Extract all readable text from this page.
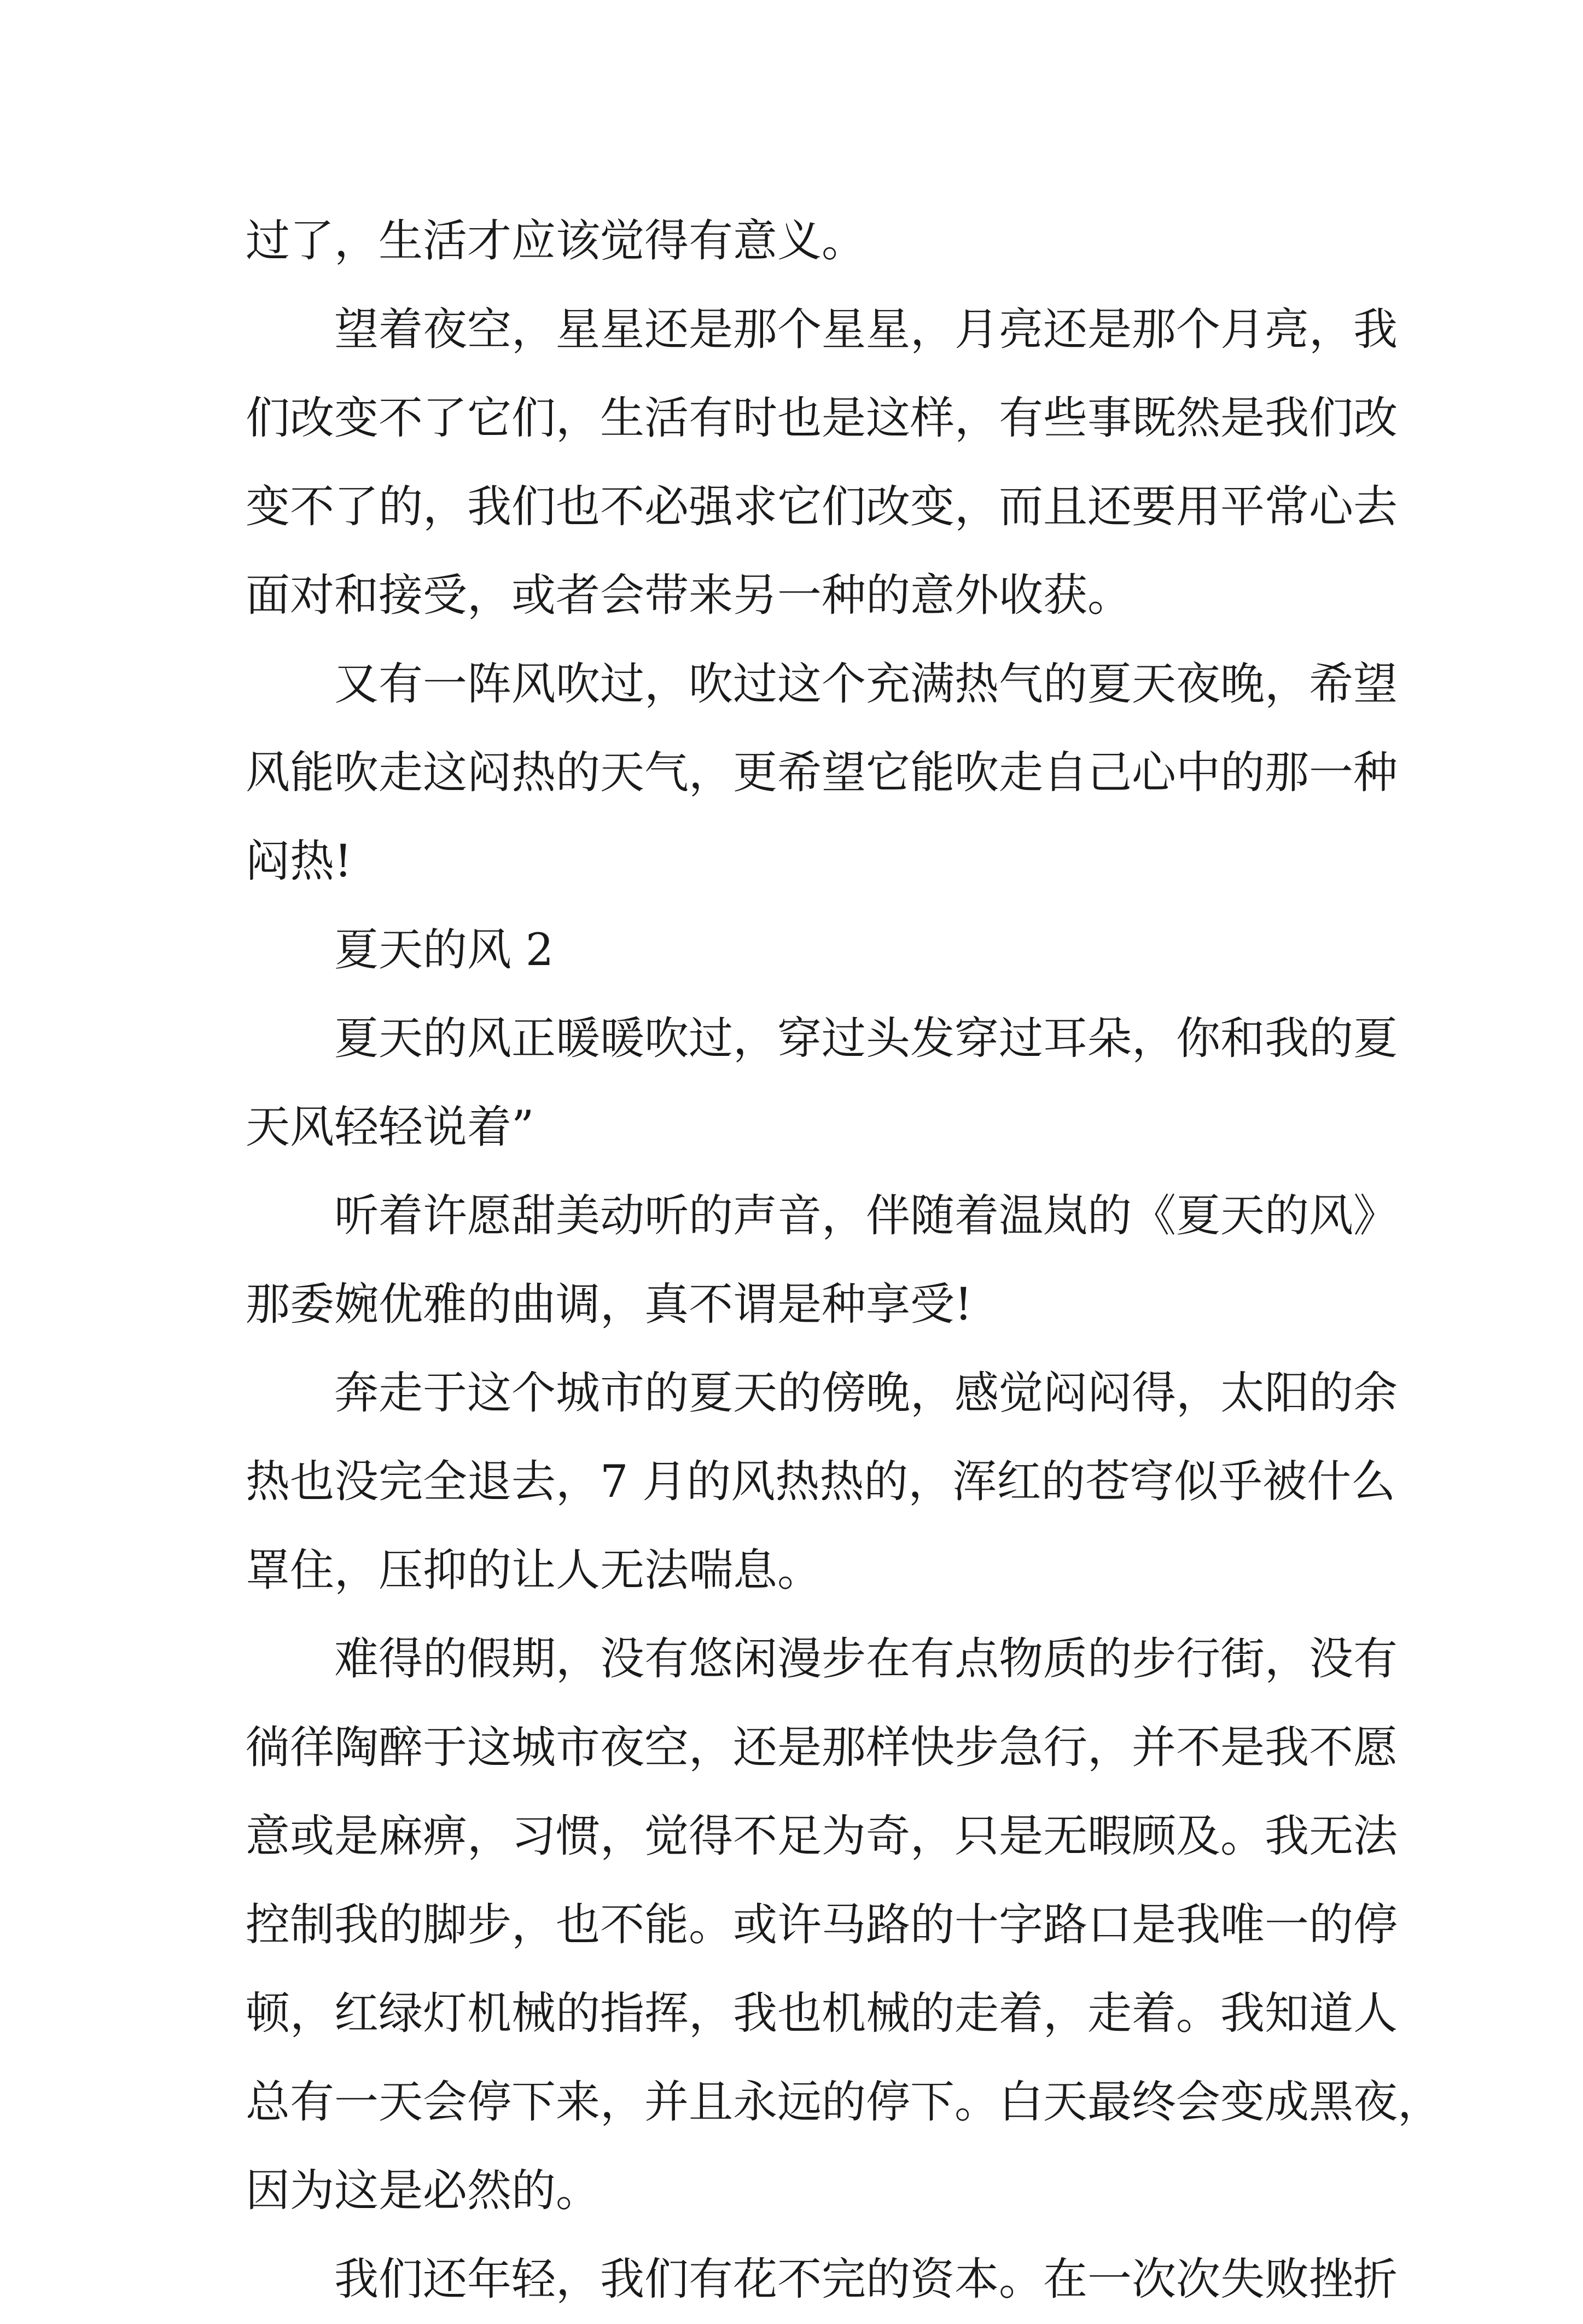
过了，生活才应该觉得有意义。
望着夜空，星星还是那个星星，月亮还是那个月亮，我
们改变不了它们，生活有时也是这样，有些事既然是我们改
变不了的，我们也不必强求它们改变，而且还要用平常心去
面对和接受，或者会带来另一种的意外收获。
又有一阵风吹过，吹过这个充满热气的夏天夜晚，希望
风能吹走这闷热的天气，更希望它能吹走自己心中的那一种
闷热!
夏天的风 2
夏天的风正暖暖吹过，穿过头发穿过耳朵，你和我的夏
天风轻轻说着”
听着许愿甜美动听的声音，伴随着温岚的《夏天的风》
那委婉优雅的曲调，真不谓是种享受!
奔走于这个城市的夏天的傍晚，感觉闷闷得，太阳的余
热也没完全退去，7 月的风热热的，浑红的苍穹似乎被什么
罩住，压抑的让人无法喘息。
难得的假期，没有悠闲漫步在有点物质的步行街，没有
徜徉陶醉于这城市夜空，还是那样快步急行，并不是我不愿
意或是麻痹，习惯，觉得不足为奇，只是无暇顾及。我无法
控制我的脚步，也不能。或许马路的十字路口是我唯一的停
顿，红绿灯机械的指挥，我也机械的走着，走着。我知道人
总有一天会停下来，并且永远的停下。白天最终会变成黑夜，
因为这是必然的。
我们还年轻，我们有花不完的资本。在一次次失败挫折
